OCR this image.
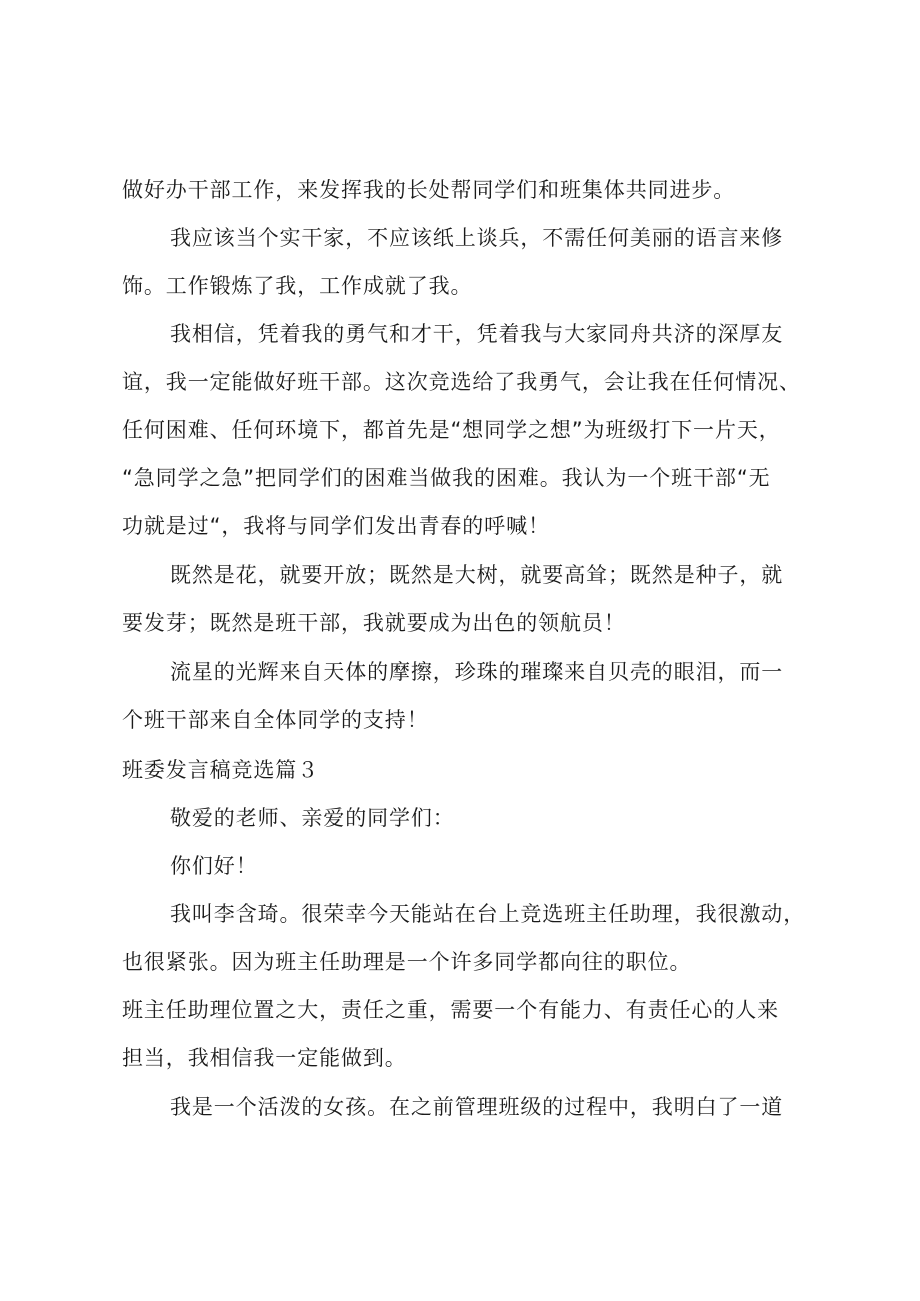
做好办干部工作，来发挥我的长处帮同学们和班集体共同进步。
我应该当个实干家，不应该纸上谈兵，不需任何美丽的语言来修
饰。工作锻炼了我，工作成就了我。
我相信，凭着我的勇气和才干，凭着我与大家同舟共济的深厚友
谊，我一定能做好班干部。这次竞选给了我勇气，会让我在任何情况、
任何困难、任何环境下，都首先是“想同学之想”为班级打下一片天，
“急同学之急”把同学们的困难当做我的困难。我认为一个班干部“无
功就是过“，我将与同学们发出青春的呼喊！
既然是花，就要开放；既然是大树，就要高耸；既然是种子，就
要发芽；既然是班干部，我就要成为出色的领航员！
流星的光辉来自天体的摩擦，珍珠的璀璨来自贝壳的眼泪，而一
个班干部来自全体同学的支持！
班委发言稿竞选篇３
敬爱的老师、亲爱的同学们：
你们好！
我叫李含琦。很荣幸今天能站在台上竞选班主任助理，我很激动，
也很紧张。因为班主任助理是一个许多同学都向往的职位。
班主任助理位置之大，责任之重，需要一个有能力、有责任心的人来
担当，我相信我一定能做到。
我是一个活泼的女孩。在之前管理班级的过程中，我明白了一道
